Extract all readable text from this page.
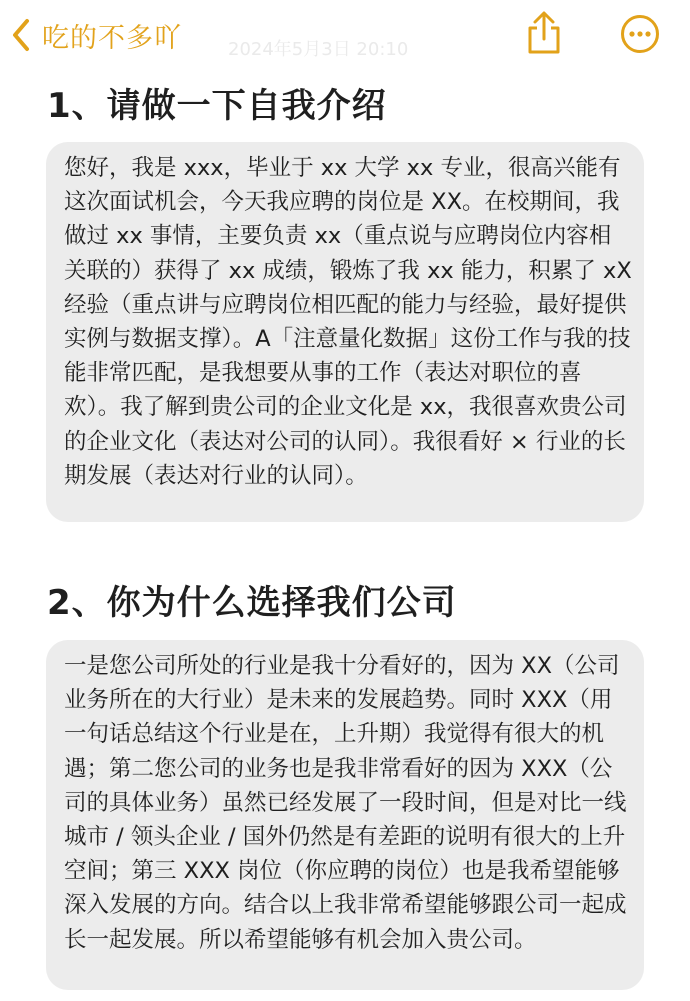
吃的不多吖	2024年5月3日 20:10
1、请做一下自我介绍

您好，我是 xxx，毕业于 xx 大学 xx 专业，很高兴能有 这次面试机会，今天我应聘的岗位是 XX。在校期间，我做过 xx 事情，主要负责 xx（重点说与应聘岗位内容相关联的）获得了 xx 成绩，锻炼了我 xx 能力，积累了 xX 经验（重点讲与应聘岗位相匹配的能力与经验，最好提供实例与数据支撑）。A「注意量化数据」这份工作与我的技能非常匹配，是我想要从事的工作（表达对职位的喜欢）。我了解到贵公司的企业文化是 xx，我很喜欢贵公司的企业文化（表达对公司的认同）。我很看好 × 行业的长期发展（表达对行业的认同）。

2、你为什么选择我们公司

一是您公司所处的行业是我十分看好的，因为 XX（公司业务所在的大行业）是未来的发展趋势。同时 XXX（用一句话总结这个行业是在，上升期）我觉得有很大的机遇；第二您公司的业务也是我非常看好的因为 XXX（公司的具体业务）虽然已经发展了一段时间，但是对比一线城市 / 领头企业 / 国外仍然是有差距的说明有很大的上升空间；第三 XXX 岗位（你应聘的岗位）也是我希望能够 深入发展的方向。结合以上我非常希望能够跟公司一起成长一起发展。所以希望能够有机会加入贵公司。
